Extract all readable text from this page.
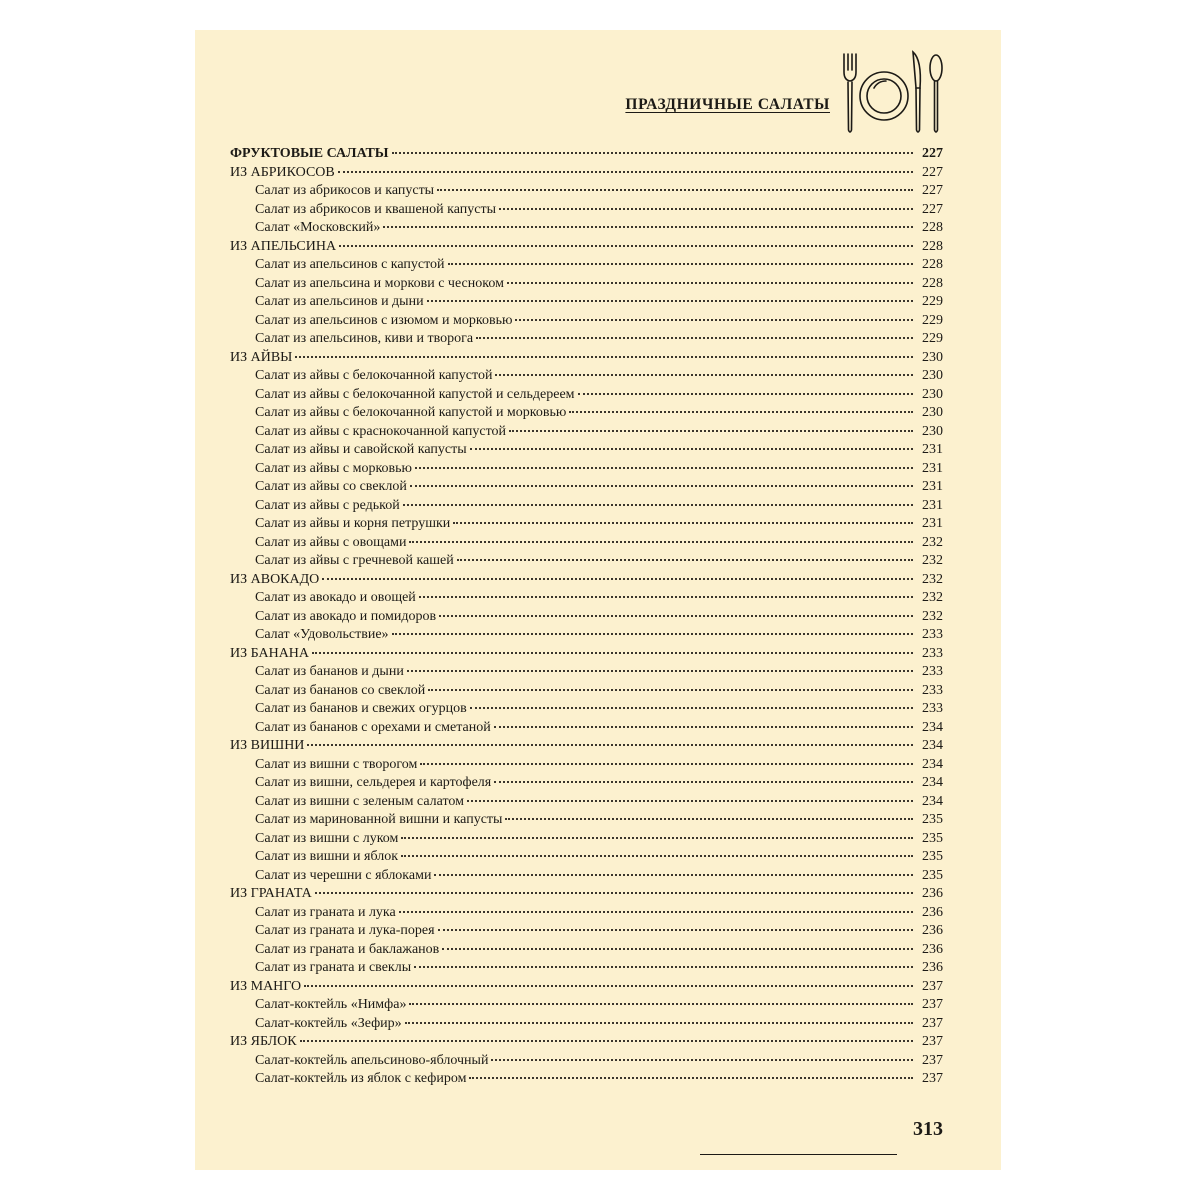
ПРАЗДНИЧНЫЕ САЛАТЫ
ФРУКТОВЫЕ САЛАТЫ	227
ИЗ АБРИКОСОВ	227
Салат из абрикосов и капусты	227
Салат из абрикосов и квашеной капусты	227
Салат «Московский»	228
ИЗ АПЕЛЬСИНА	228
Салат из апельсинов с капустой	228
Салат из апельсина и моркови с чесноком	228
Салат из апельсинов и дыни	229
Салат из апельсинов с изюмом и морковью	229
Салат из апельсинов, киви и творога	229
ИЗ АЙВЫ	230
Салат из айвы с белокочанной капустой	230
Салат из айвы с белокочанной капустой и сельдереем	230
Салат из айвы с белокочанной капустой и морковью	230
Салат из айвы с краснокочанной капустой	230
Салат из айвы и савойской капусты	231
Салат из айвы с морковью	231
Салат из айвы со свеклой	231
Салат из айвы с редькой	231
Салат из айвы и корня петрушки	231
Салат из айвы с овощами	232
Салат из айвы с гречневой кашей	232
ИЗ АВОКАДО	232
Салат из авокадо и овощей	232
Салат из авокадо и помидоров	232
Салат «Удовольствие»	233
ИЗ БАНАНА	233
Салат из бананов и дыни	233
Салат из бананов со свеклой	233
Салат из бананов и свежих огурцов	233
Салат из бананов с орехами и сметаной	234
ИЗ ВИШНИ	234
Салат из вишни с творогом	234
Салат из вишни, сельдерея и картофеля	234
Салат из вишни с зеленым салатом	234
Салат из маринованной вишни и капусты	235
Салат из вишни с луком	235
Салат из вишни и яблок	235
Салат из черешни с яблоками	235
ИЗ ГРАНАТА	236
Салат из граната и лука	236
Салат из граната и лука-порея	236
Салат из граната и баклажанов	236
Салат из граната и свеклы	236
ИЗ МАНГО	237
Салат-коктейль «Нимфа»	237
Салат-коктейль «Зефир»	237
ИЗ ЯБЛОК	237
Салат-коктейль апельсиново-яблочный	237
Салат-коктейль из яблок с кефиром	237
313
